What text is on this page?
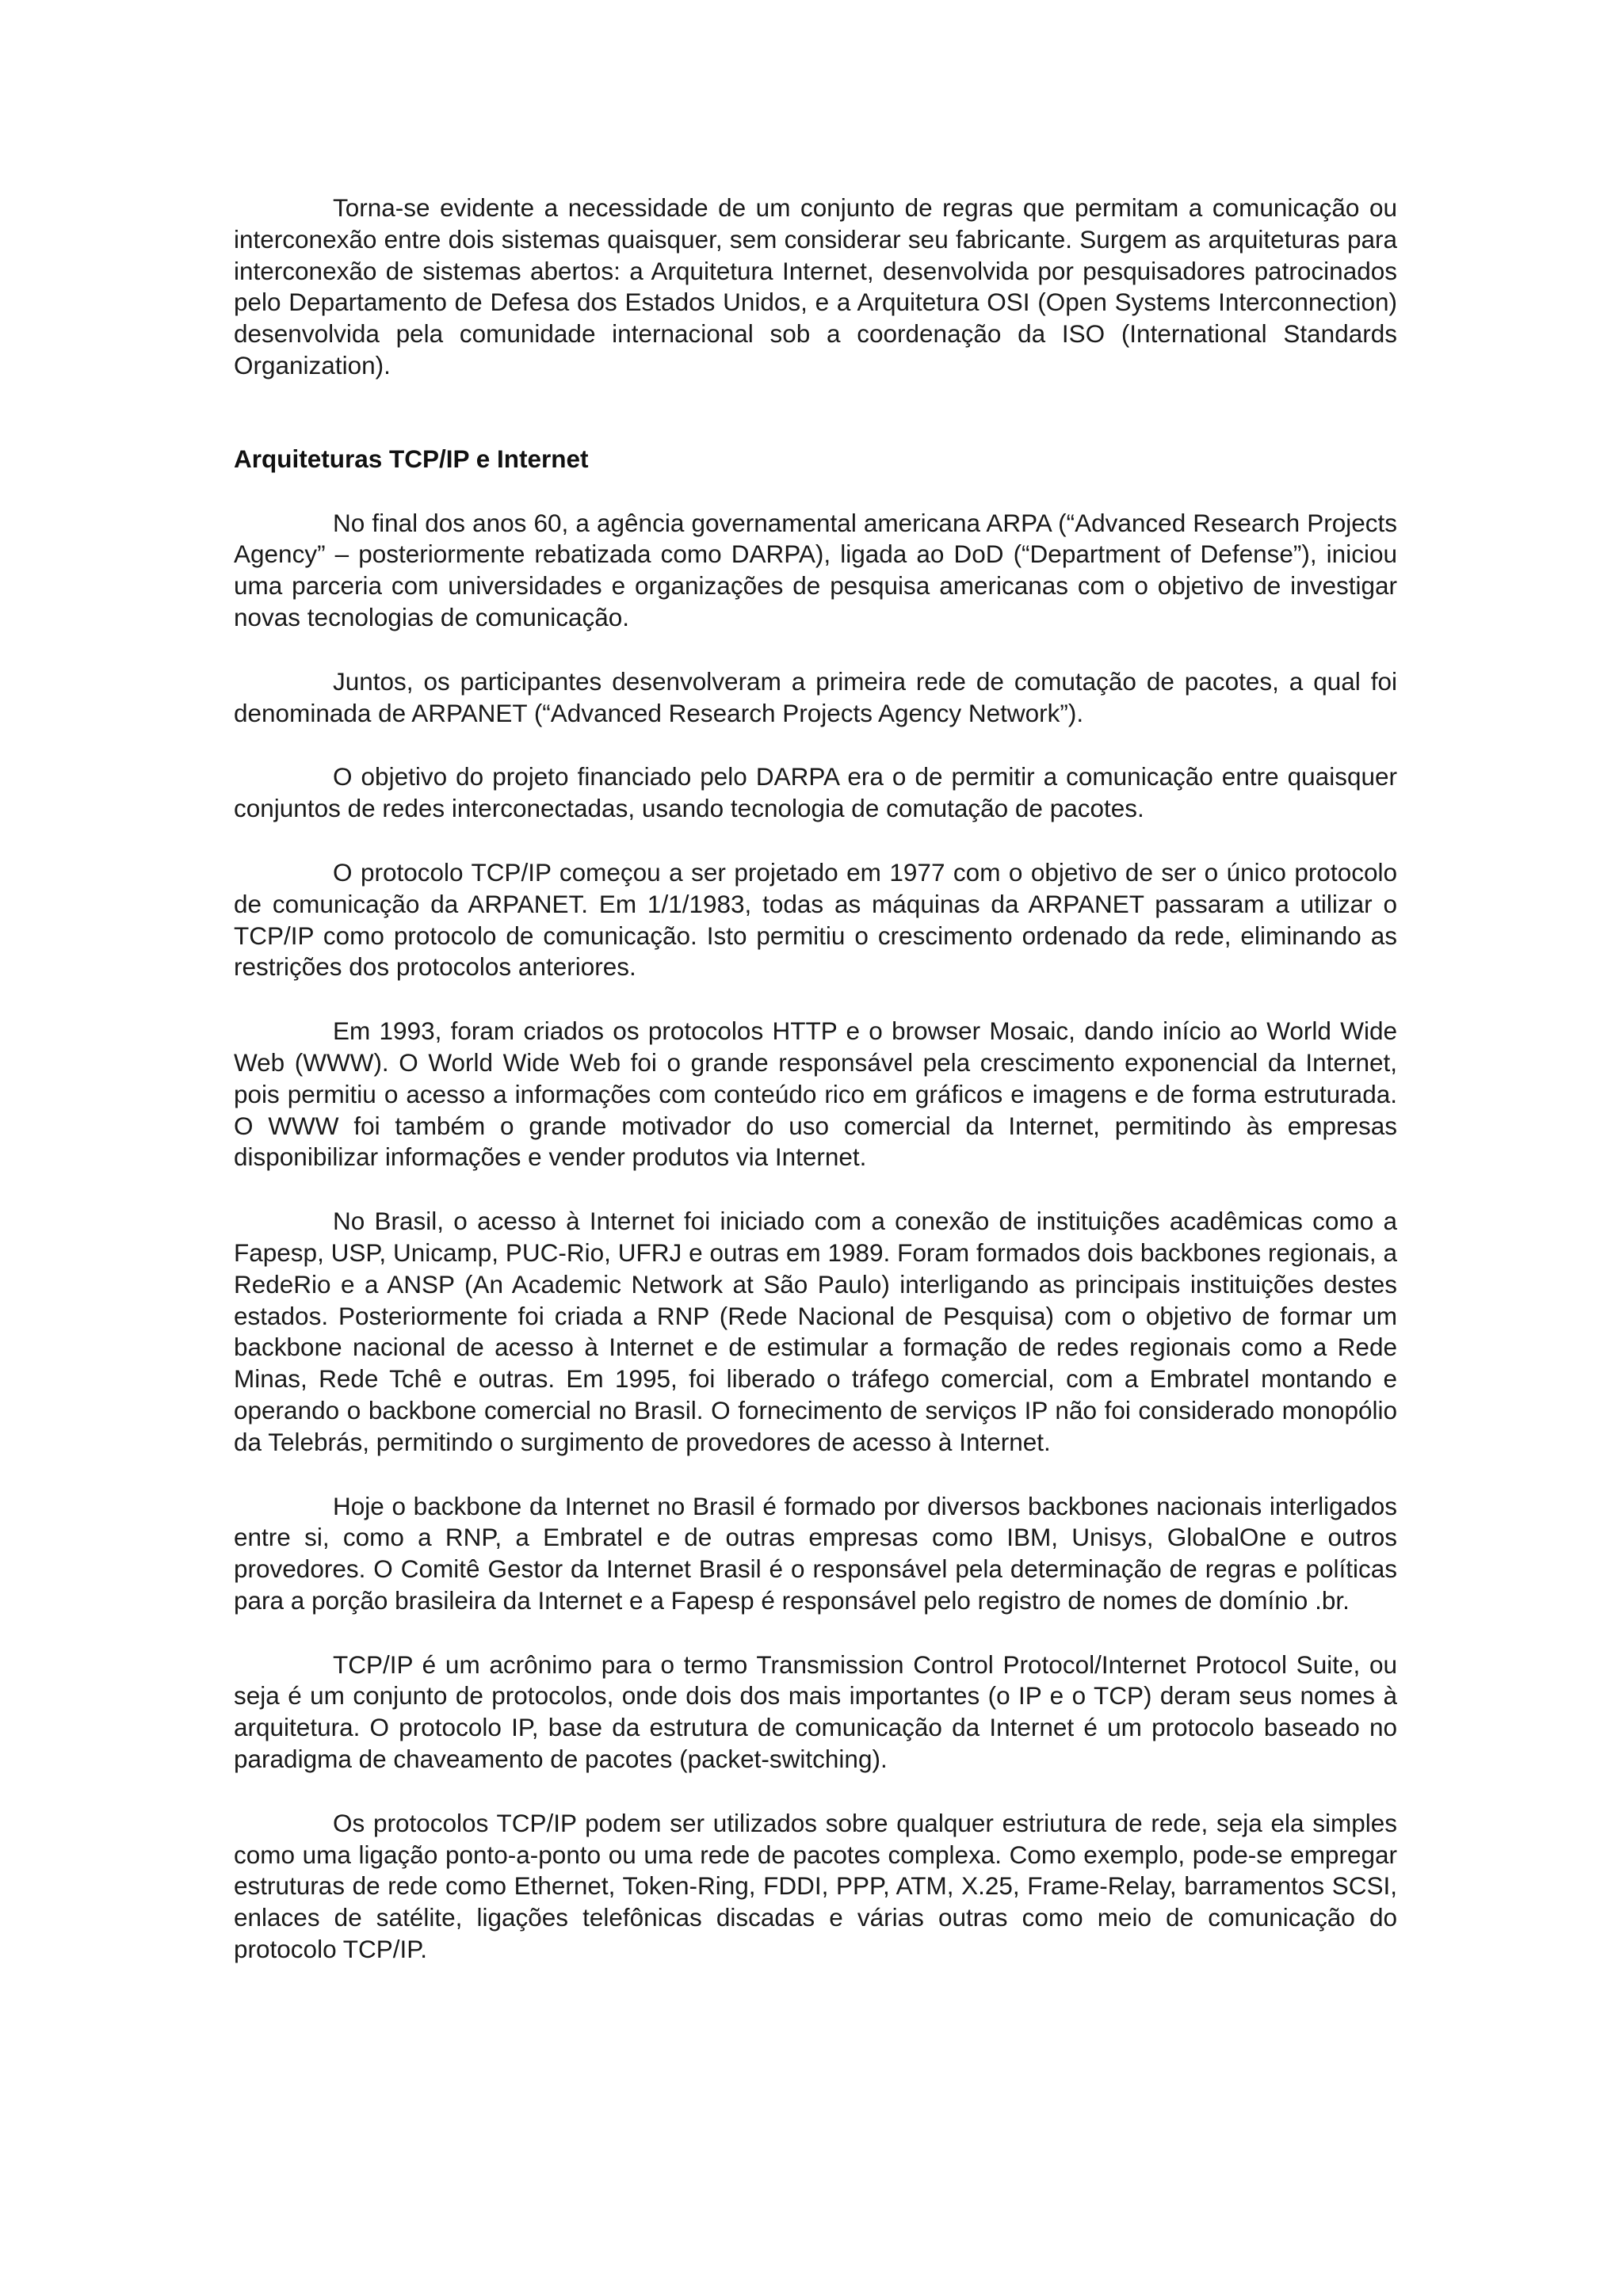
Torna-se evidente a necessidade de um conjunto de regras que permitam a comunicação ou interconexão entre dois sistemas quaisquer, sem considerar seu fabricante. Surgem as arquiteturas para interconexão de sistemas abertos: a Arquitetura Internet, desenvolvida por pesquisadores patrocinados pelo Departamento de Defesa dos Estados Unidos, e a Arquitetura OSI (Open Systems Interconnection) desenvolvida pela comunidade internacional sob a coordenação da ISO (International Standards Organization).

Arquiteturas TCP/IP e Internet

No final dos anos 60, a agência governamental americana ARPA (“Advanced Research Projects Agency” – posteriormente rebatizada como DARPA), ligada ao DoD (“Department of Defense”), iniciou uma parceria com universidades e organizações de pesquisa americanas com o objetivo de investigar novas tecnologias de comunicação.

Juntos, os participantes desenvolveram a primeira rede de comutação de pacotes, a qual foi denominada de ARPANET (“Advanced Research Projects Agency Network”).

O objetivo do projeto financiado pelo DARPA era o de permitir a comunicação entre quaisquer conjuntos de redes interconectadas, usando tecnologia de comutação de pacotes.

O protocolo TCP/IP começou a ser projetado em 1977 com o objetivo de ser o único protocolo de comunicação da ARPANET. Em 1/1/1983, todas as máquinas da ARPANET passaram a utilizar o TCP/IP como protocolo de comunicação. Isto permitiu o crescimento ordenado da rede, eliminando as restrições dos protocolos anteriores.

Em 1993, foram criados os protocolos HTTP e o browser Mosaic, dando início ao World Wide Web (WWW). O World Wide Web foi o grande responsável pela crescimento exponencial da Internet, pois permitiu o acesso a informações com conteúdo rico em gráficos e imagens e de forma estruturada. O WWW foi também o grande motivador do uso comercial da Internet, permitindo às empresas disponibilizar informações e vender produtos via Internet.

No Brasil, o acesso à Internet foi iniciado com a conexão de instituições acadêmicas como a Fapesp, USP, Unicamp, PUC-Rio, UFRJ e outras em 1989. Foram formados dois backbones regionais, a RedeRio e a ANSP (An Academic Network at São Paulo) interligando as principais instituições destes estados. Posteriormente foi criada a RNP (Rede Nacional de Pesquisa) com o objetivo de formar um backbone nacional de acesso à Internet e de estimular a formação de redes regionais como a Rede Minas, Rede Tchê e outras. Em 1995, foi liberado o tráfego comercial, com a Embratel montando e operando o backbone comercial no Brasil. O fornecimento de serviços IP não foi considerado monopólio da Telebrás, permitindo o surgimento de provedores de acesso à Internet.

Hoje o backbone da Internet no Brasil é formado por diversos backbones nacionais interligados entre si, como a RNP, a Embratel e de outras empresas como IBM, Unisys, GlobalOne e outros provedores. O Comitê Gestor da Internet Brasil é o responsável pela determinação de regras e políticas para a porção brasileira da Internet e a Fapesp é responsável pelo registro de nomes de domínio .br.

TCP/IP é um acrônimo para o termo Transmission Control Protocol/Internet Protocol Suite, ou seja é um conjunto de protocolos, onde dois dos mais importantes (o IP e o TCP) deram seus nomes à arquitetura. O protocolo IP, base da estrutura de comunicação da Internet é um protocolo baseado no paradigma de chaveamento de pacotes (packet-switching).

Os protocolos TCP/IP podem ser utilizados sobre qualquer estriutura de rede, seja ela simples como uma ligação ponto-a-ponto ou uma rede de pacotes complexa. Como exemplo, pode-se empregar estruturas de rede como Ethernet, Token-Ring, FDDI, PPP, ATM, X.25, Frame-Relay, barramentos SCSI, enlaces de satélite, ligações telefônicas discadas e várias outras como meio de comunicação do protocolo TCP/IP.
